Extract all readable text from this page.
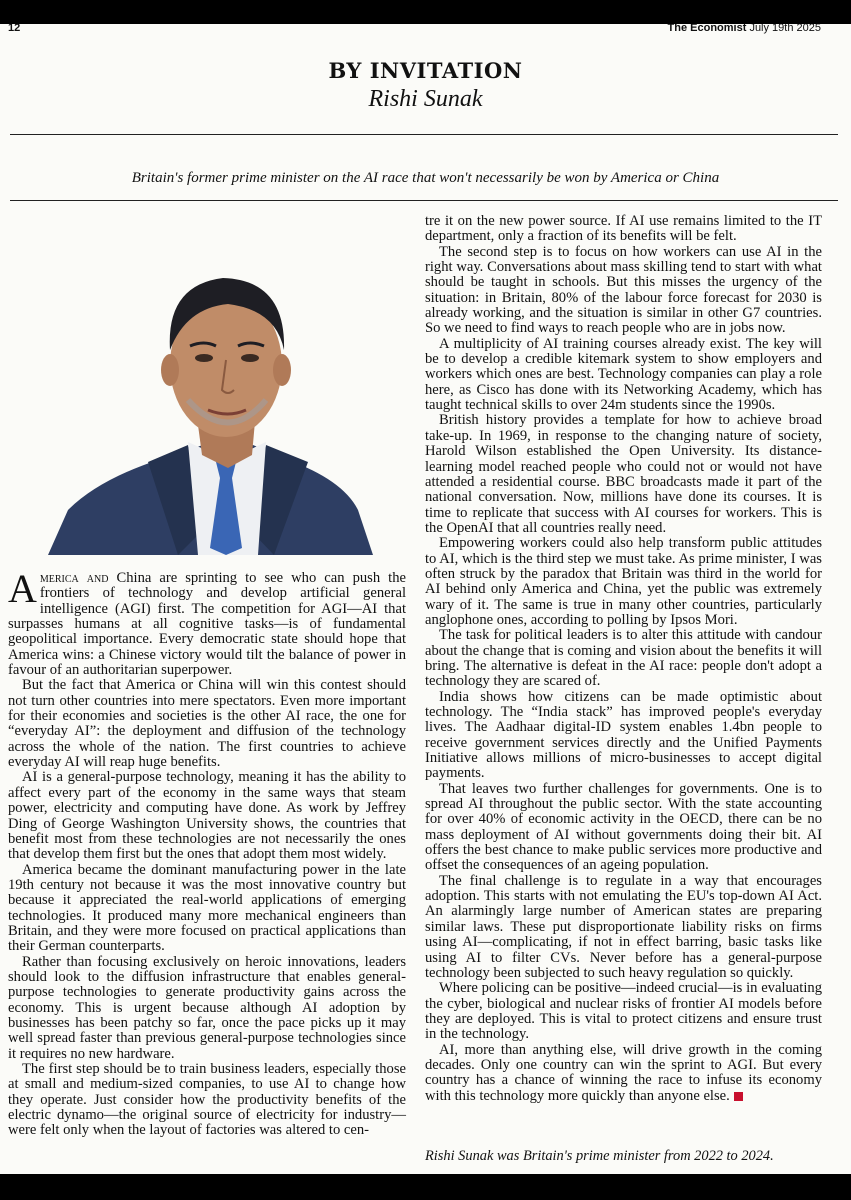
12	The Economist July 19th 2025
BY INVITATION
Rishi Sunak
Britain's former prime minister on the AI race that won't necessarily be won by America or China

America and China are sprinting to see who can push the frontiers of technology and develop artificial general intelligence (AGI) first. The competition for AGI—AI that surpasses humans at all cognitive tasks—is of fundamental geopolitical importance. Every democratic state should hope that America wins: a Chinese victory would tilt the balance of power in favour of an authoritarian superpower.

But the fact that America or China will win this contest should not turn other countries into mere spectators. Even more important for their economies and societies is the other AI race, the one for “everyday AI”: the deployment and diffusion of the technology across the whole of the nation. The first countries to achieve everyday AI will reap huge benefits.

AI is a general-purpose technology, meaning it has the ability to affect every part of the economy in the same ways that steam power, electricity and computing have done. As work by Jeffrey Ding of George Washington University shows, the countries that benefit most from these technologies are not necessarily the ones that develop them first but the ones that adopt them most widely.

America became the dominant manufacturing power in the late 19th century not because it was the most innovative country but because it appreciated the real-world applications of emerging technologies. It produced many more mechanical engineers than Britain, and they were more focused on practical applications than their German counterparts.

Rather than focusing exclusively on heroic innovations, leaders should look to the diffusion infrastructure that enables general-purpose technologies to generate productivity gains across the economy. This is urgent because although AI adoption by businesses has been patchy so far, once the pace picks up it may well spread faster than previous general-purpose technologies since it requires no new hardware.

The first step should be to train business leaders, especially those at small and medium-sized companies, to use AI to change how they operate. Just consider how the productivity benefits of the electric dynamo—the original source of electricity for industry—were felt only when the layout of factories was altered to cen-

tre it on the new power source. If AI use remains limited to the IT department, only a fraction of its benefits will be felt.

The second step is to focus on how workers can use AI in the right way. Conversations about mass skilling tend to start with what should be taught in schools. But this misses the urgency of the situation: in Britain, 80% of the labour force forecast for 2030 is already working, and the situation is similar in other G7 countries. So we need to find ways to reach people who are in jobs now.

A multiplicity of AI training courses already exist. The key will be to develop a credible kitemark system to show employers and workers which ones are best. Technology companies can play a role here, as Cisco has done with its Networking Academy, which has taught technical skills to over 24m students since the 1990s.

British history provides a template for how to achieve broad take-up. In 1969, in response to the changing nature of society, Harold Wilson established the Open University. Its distance-learning model reached people who could not or would not have attended a residential course. BBC broadcasts made it part of the national conversation. Now, millions have done its courses. It is time to replicate that success with AI courses for workers. This is the OpenAI that all countries really need.

Empowering workers could also help transform public attitudes to AI, which is the third step we must take. As prime minister, I was often struck by the paradox that Britain was third in the world for AI behind only America and China, yet the public was extremely wary of it. The same is true in many other countries, particularly anglophone ones, according to polling by Ipsos Mori.

The task for political leaders is to alter this attitude with candour about the change that is coming and vision about the benefits it will bring. The alternative is defeat in the AI race: people don't adopt a technology they are scared of.

India shows how citizens can be made optimistic about technology. The “India stack” has improved people's everyday lives. The Aadhaar digital-ID system enables 1.4bn people to receive government services directly and the Unified Payments Initiative allows millions of micro-businesses to accept digital payments.

That leaves two further challenges for governments. One is to spread AI throughout the public sector. With the state accounting for over 40% of economic activity in the OECD, there can be no mass deployment of AI without governments doing their bit. AI offers the best chance to make public services more productive and offset the consequences of an ageing population.

The final challenge is to regulate in a way that encourages adoption. This starts with not emulating the EU's top-down AI Act. An alarmingly large number of American states are preparing similar laws. These put disproportionate liability risks on firms using AI—complicating, if not in effect barring, basic tasks like using AI to filter CVs. Never before has a general-purpose technology been subjected to such heavy regulation so quickly.

Where policing can be positive—indeed crucial—is in evaluating the cyber, biological and nuclear risks of frontier AI models before they are deployed. This is vital to protect citizens and ensure trust in the technology.

AI, more than anything else, will drive growth in the coming decades. Only one country can win the sprint to AGI. But every country has a chance of winning the race to infuse its economy with this technology more quickly than anyone else.

Rishi Sunak was Britain's prime minister from 2022 to 2024.
